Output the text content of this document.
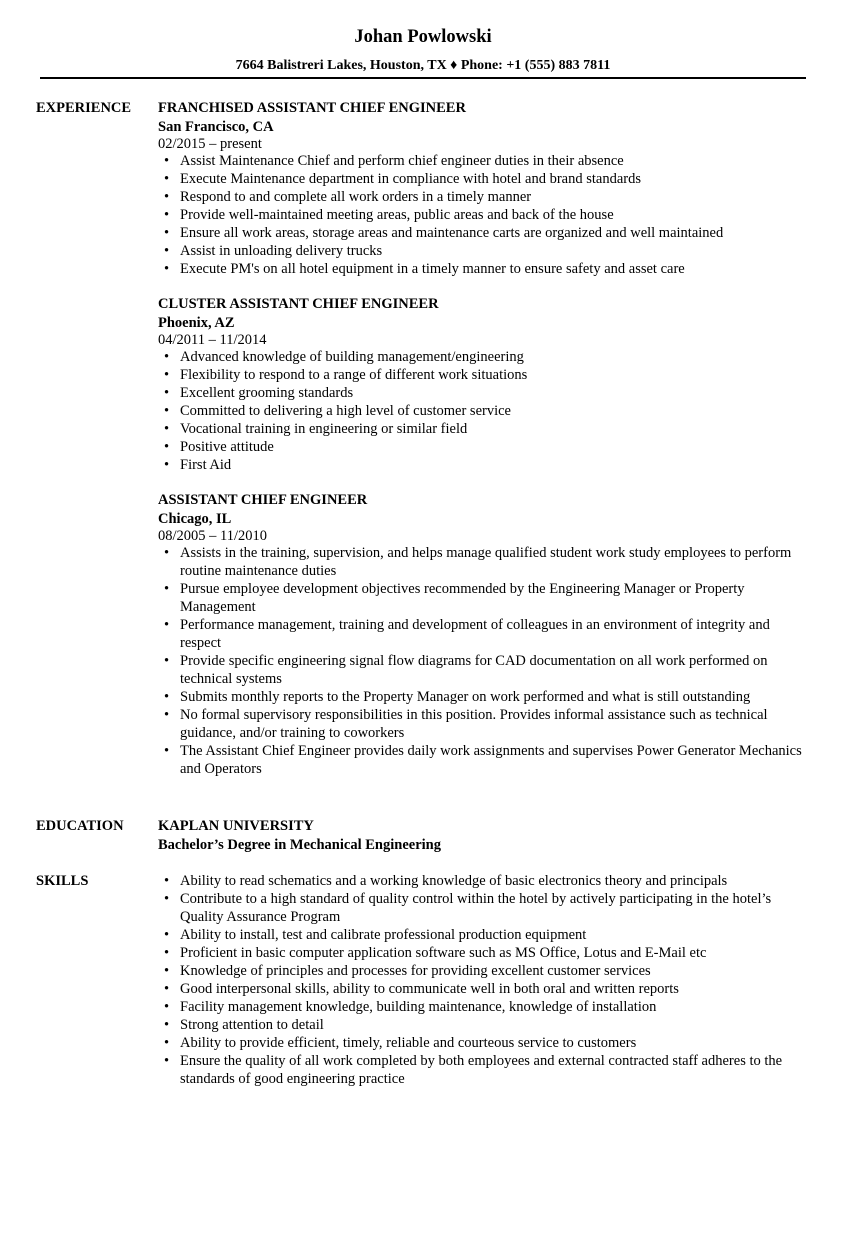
Johan Powlowski
7664 Balistreri Lakes, Houston, TX ♦ Phone: +1 (555) 883 7811
EXPERIENCE FRANCHISED ASSISTANT CHIEF ENGINEER
San Francisco, CA
02/2015 – present
• Assist Maintenance Chief and perform chief engineer duties in their absence
• Execute Maintenance department in compliance with hotel and brand standards
• Respond to and complete all work orders in a timely manner
• Provide well-maintained meeting areas, public areas and back of the house
• Ensure all work areas, storage areas and maintenance carts are organized and well maintained
• Assist in unloading delivery trucks
• Execute PM's on all hotel equipment in a timely manner to ensure safety and asset care
CLUSTER ASSISTANT CHIEF ENGINEER
Phoenix, AZ
04/2011 – 11/2014
• Advanced knowledge of building management/engineering
• Flexibility to respond to a range of different work situations
• Excellent grooming standards
• Committed to delivering a high level of customer service
• Vocational training in engineering or similar field
• Positive attitude
• First Aid
ASSISTANT CHIEF ENGINEER
Chicago, IL
08/2005 – 11/2010
• Assists in the training, supervision, and helps manage qualified student work study employees to perform routine maintenance duties
• Pursue employee development objectives recommended by the Engineering Manager or Property Management
• Performance management, training and development of colleagues in an environment of integrity and respect
• Provide specific engineering signal flow diagrams for CAD documentation on all work performed on technical systems
• Submits monthly reports to the Property Manager on work performed and what is still outstanding
• No formal supervisory responsibilities in this position. Provides informal assistance such as technical guidance, and/or training to coworkers
• The Assistant Chief Engineer provides daily work assignments and supervises Power Generator Mechanics and Operators
EDUCATION KAPLAN UNIVERSITY
Bachelor’s Degree in Mechanical Engineering
SKILLS
•	Ability to read schematics and a working knowledge of basic electronics theory and principals
• Contribute to a high standard of quality control within the hotel by actively participating in the hotel’s Quality Assurance Program
• Ability to install, test and calibrate professional production equipment
• Proficient in basic computer application software such as MS Office, Lotus and E-Mail etc
• Knowledge of principles and processes for providing excellent customer services
• Good interpersonal skills, ability to communicate well in both oral and written reports
• Facility management knowledge, building maintenance, knowledge of installation
• Strong attention to detail
• Ability to provide efficient, timely, reliable and courteous service to customers
• Ensure the quality of all work completed by both employees and external contracted staff adheres to the standards of good engineering practice
